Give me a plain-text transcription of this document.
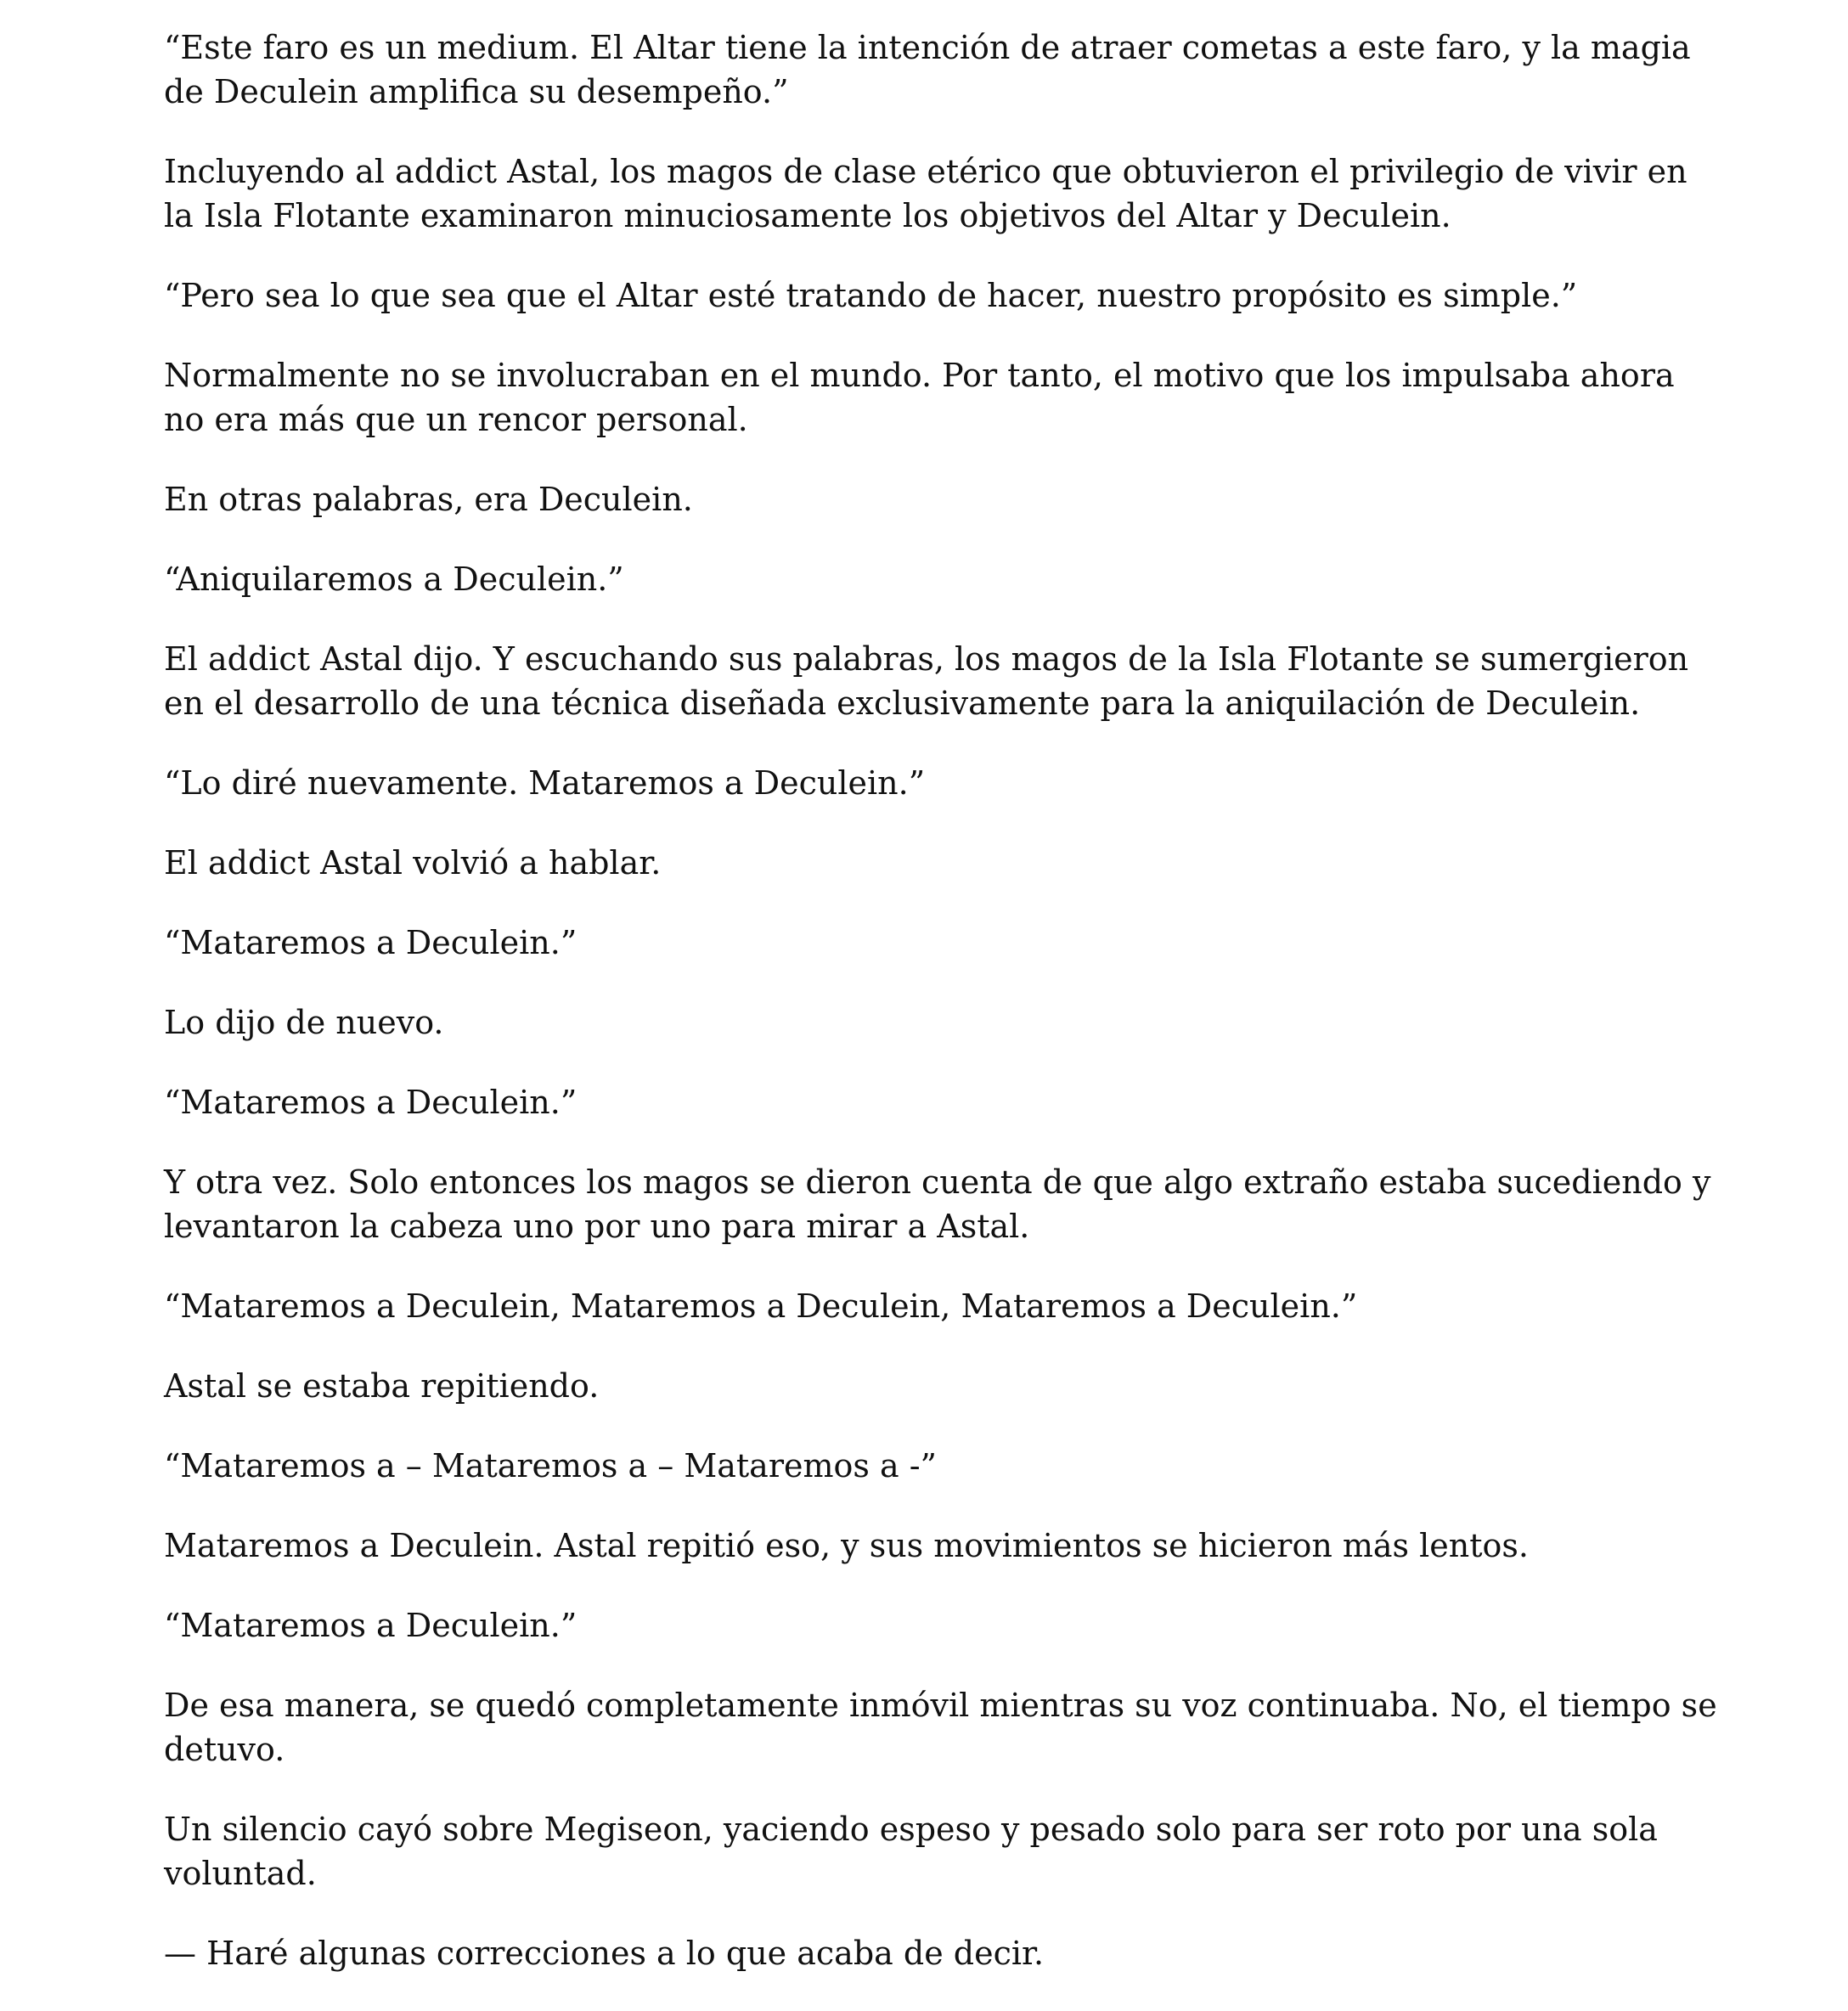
“Este faro es un medium. El Altar tiene la intención de atraer cometas a este faro, y la magia de Deculein amplifica su desempeño.”

Incluyendo al addict Astal, los magos de clase etérico que obtuvieron el privilegio de vivir en la Isla Flotante examinaron minuciosamente los objetivos del Altar y Deculein.

“Pero sea lo que sea que el Altar esté tratando de hacer, nuestro propósito es simple.”

Normalmente no se involucraban en el mundo. Por tanto, el motivo que los impulsaba ahora no era más que un rencor personal.

En otras palabras, era Deculein.

“Aniquilaremos a Deculein.”

El addict Astal dijo. Y escuchando sus palabras, los magos de la Isla Flotante se sumergieron en el desarrollo de una técnica diseñada exclusivamente para la aniquilación de Deculein.

“Lo diré nuevamente. Mataremos a Deculein.”

El addict Astal volvió a hablar.

“Mataremos a Deculein.”

Lo dijo de nuevo.

“Mataremos a Deculein.”

Y otra vez. Solo entonces los magos se dieron cuenta de que algo extraño estaba sucediendo y levantaron la cabeza uno por uno para mirar a Astal.

“Mataremos a Deculein, Mataremos a Deculein, Mataremos a Deculein.”

Astal se estaba repitiendo.

“Mataremos a – Mataremos a – Mataremos a -”

Mataremos a Deculein. Astal repitió eso, y sus movimientos se hicieron más lentos.

“Mataremos a Deculein.”

De esa manera, se quedó completamente inmóvil mientras su voz continuaba. No, el tiempo se detuvo.

Un silencio cayó sobre Megiseon, yaciendo espeso y pesado solo para ser roto por una sola voluntad.

— Haré algunas correcciones a lo que acaba de decir.
